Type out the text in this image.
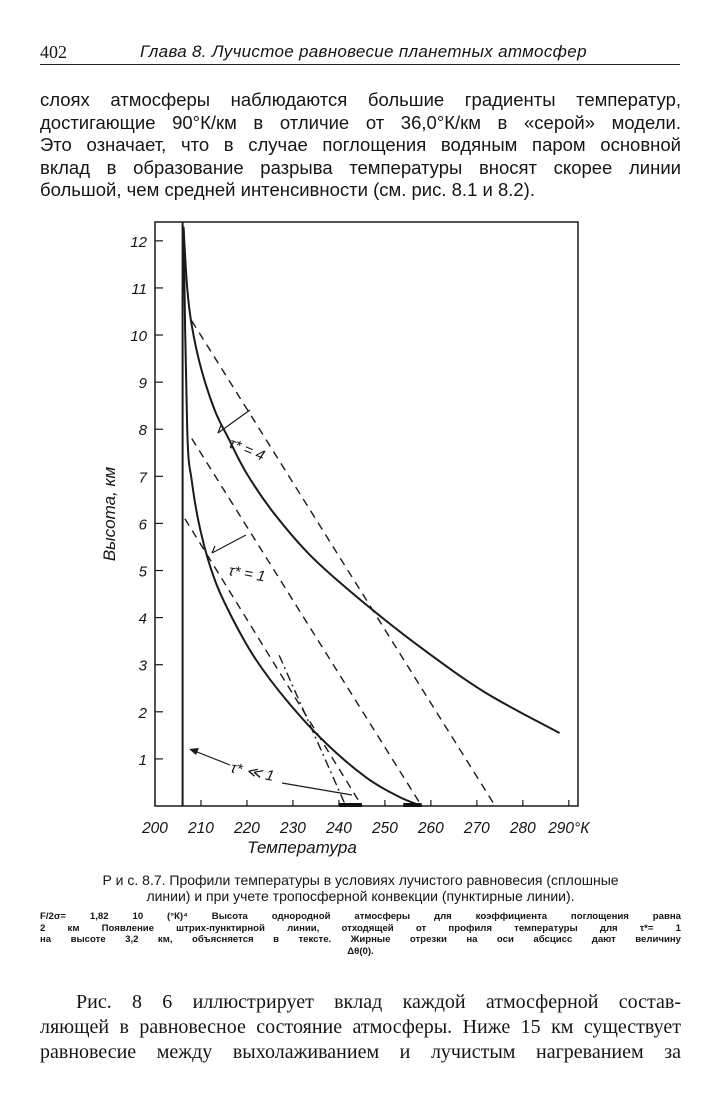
402	Глава 8. Лучистое равновесие планетных атмосфер
слоях атмосферы наблюдаются большие градиенты температур,
достигающие 90°К/км в отличие от 36,0°К/км в «серой» модели.
Это означает, что в случае поглощения водяным паром основной
вклад в образование разрыва температуры вносят скорее линии
большой, чем средней интенсивности (см. рис. 8.1 и 8.2).
1
2
3
4
5
6
7
8
9
10
11
12
200 210 220 230 240 250 260 270 280 290°К
Температура
Высота, км
τ* = 4
τ* = 1
τ* ≪ 1
Р и с. 8.7. Профили температуры в условиях лучистого равновесия (сплошные
линии) и при учете тропосферной конвекции (пунктирные линии).
F/2σ= 1,82 10 (°К)⁴ Высота однородной атмосферы для коэффициента поглощения равна
2 км Появление штрих-пунктирной линии, отходящей от профиля температуры для τ*= 1
на высоте 3,2 км, объясняется в тексте. Жирные отрезки на оси абсцисс дают величину
Δθ(0).
Рис. 8 6 иллюстрирует вклад каждой атмосферной состав-
ляющей в равновесное состояние атмосферы. Ниже 15 км существует
равновесие между выхолаживанием и лучистым нагреванием за
